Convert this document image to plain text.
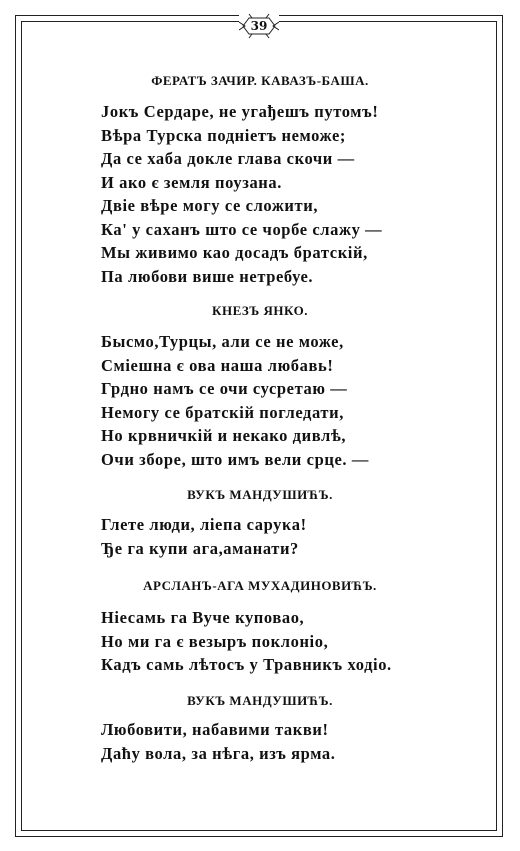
39
ФЕРАТЪ ЗАЧИР. КАВАЗЪ-БАША.
Јокъ Сердаре, не угађешъ путомъ!
Вѣра Турска подніетъ неможе;
Да се хаба докле глава скочи —
И ако є земля поузана.
Двіе вѣре могу се сложити,
Ка' у саханъ што се чорбе слажу —
Мы живимо као досадъ братскій,
Па любови више нетребуе.
КНЕЗЪ ЯНКО.
Бысмо,Турцы, али се не може,
Сміешна є ова наша любавь!
Грдно намъ се очи сусретаю —
Немогу се братскій погледати,
Но крвничкій и некако дивлѣ,
Очи зборе, што имъ вели срце. —
ВУКЪ МАНДУШИЋЪ.
Глете люди, ліепа саруκа!
Ђе га купи ага,аманати?
АРСЛАНЪ-АГА МУХАДИНОВИЋЪ.
Ніесамь га Вуче куповао,
Но ми га є везыръ поклоніо,
Кадъ самь лѣтосъ у Травникъ ходіо.
ВУКЪ МАНДУШИЋЪ.
Любовити, набавими такви!
Даћу вола, за нѣга, изъ ярма.
